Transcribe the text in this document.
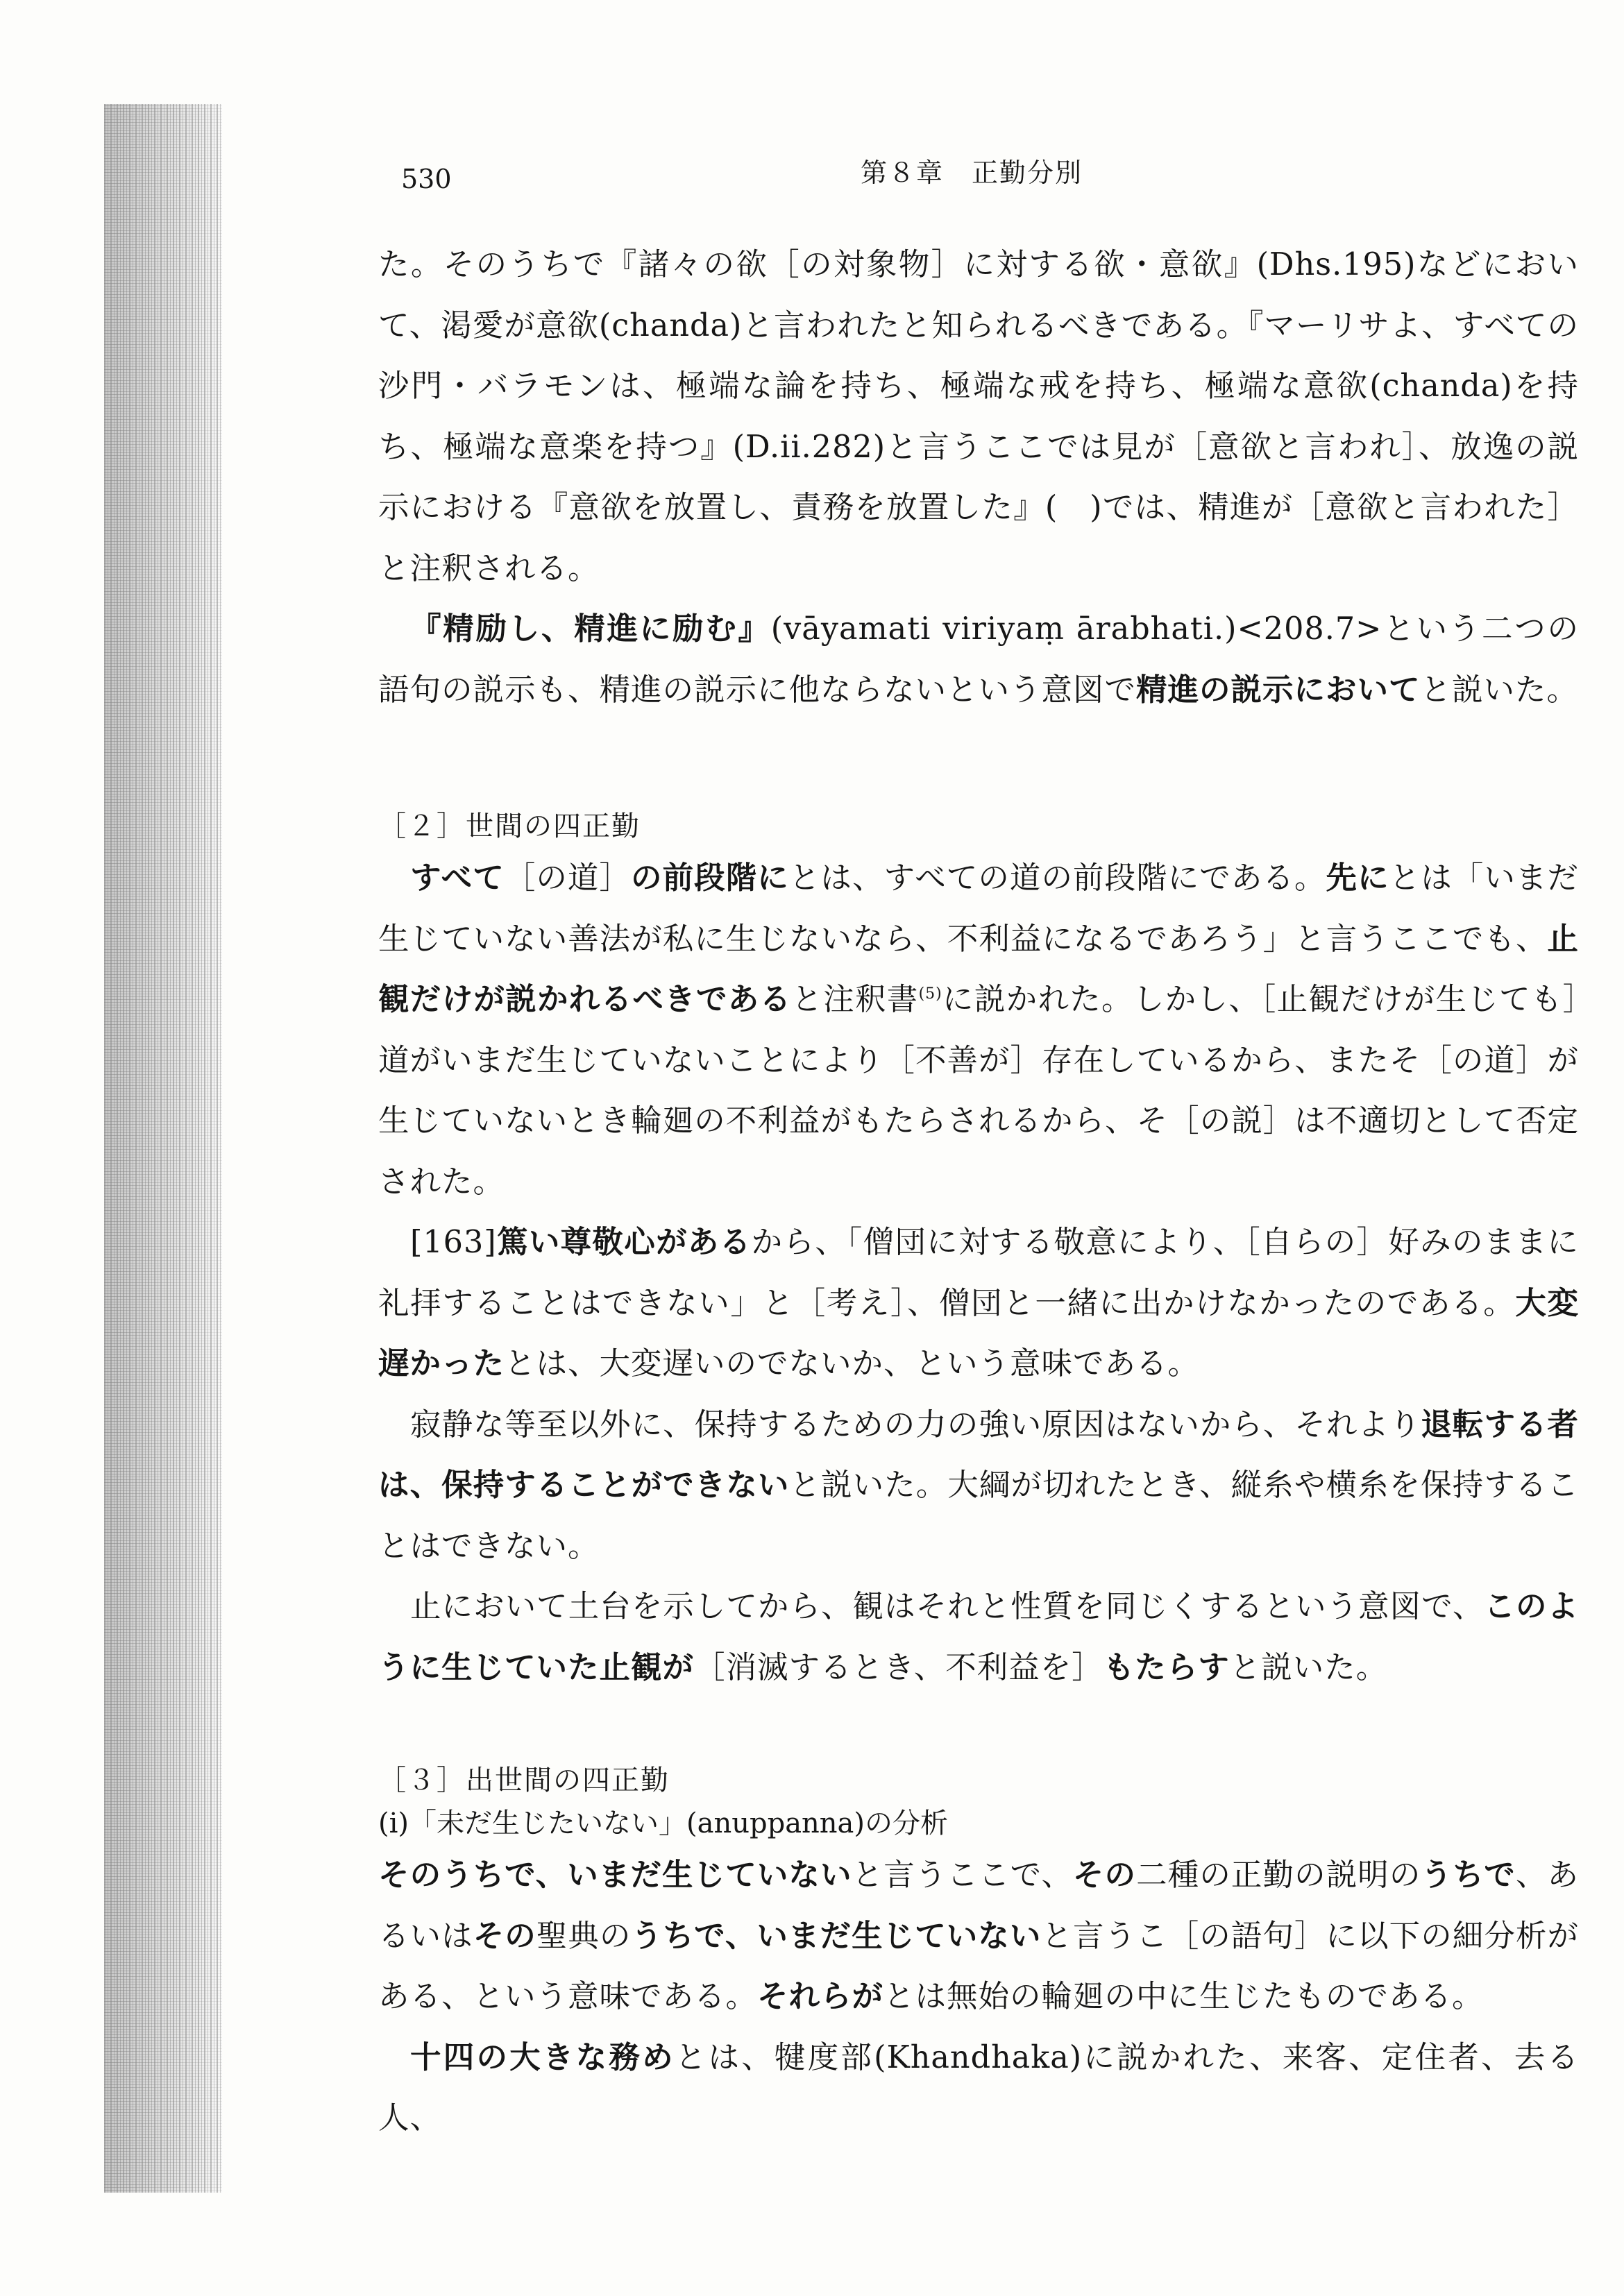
530	第８章　正勤分別

た。そのうちで『諸々の欲［の対象物］に対する欲・意欲』(Dhs.195)などにおいて、渇愛が意欲(chanda)と言われたと知られるべきである。『マーリサよ、すべての沙門・バラモンは、極端な論を持ち、極端な戒を持ち、極端な意欲(chanda)を持ち、極端な意楽を持つ』(D.ii.282)と言うここでは見が［意欲と言われ］、放逸の説示における『意欲を放置し、責務を放置した』(　)では、精進が［意欲と言われた］と注釈される。

『精励し、精進に励む』(vāyamati viriyaṃ ārabhati.)<208.7>という二つの語句の説示も、精進の説示に他ならないという意図で精進の説示においてと説いた。

［２］世間の四正勤

すべて［の道］の前段階にとは、すべての道の前段階にである。先にとは「いまだ生じていない善法が私に生じないなら、不利益になるであろう」と言うここでも、止観だけが説かれるべきであると注釈書$^{(5)}$に説かれた。しかし、［止観だけが生じても］道がいまだ生じていないことにより［不善が］存在しているから、またそ［の道］が生じていないとき輪廻の不利益がもたらされるから、そ［の説］は不適切として否定された。

[163]篤い尊敬心があるから、「僧団に対する敬意により、［自らの］好みのままに礼拝することはできない」と［考え］、僧団と一緒に出かけなかったのである。大変遅かったとは、大変遅いのでないか、という意味である。

寂静な等至以外に、保持するための力の強い原因はないから、それより退転する者は、保持することができないと説いた。大綱が切れたとき、縦糸や横糸を保持することはできない。

止において土台を示してから、観はそれと性質を同じくするという意図で、このように生じていた止観が［消滅するとき、不利益を］もたらすと説いた。

［３］出世間の四正勤
(i)「未だ生じたいない」(anuppanna)の分析

そのうちで、いまだ生じていないと言うここで、その二種の正勤の説明のうちで、あるいはその聖典のうちで、いまだ生じていないと言うこ［の語句］に以下の細分析がある、という意味である。それらがとは無始の輪廻の中に生じたものである。

十四の大きな務めとは、犍度部(Khandhaka)に説かれた、来客、定住者、去る人、
